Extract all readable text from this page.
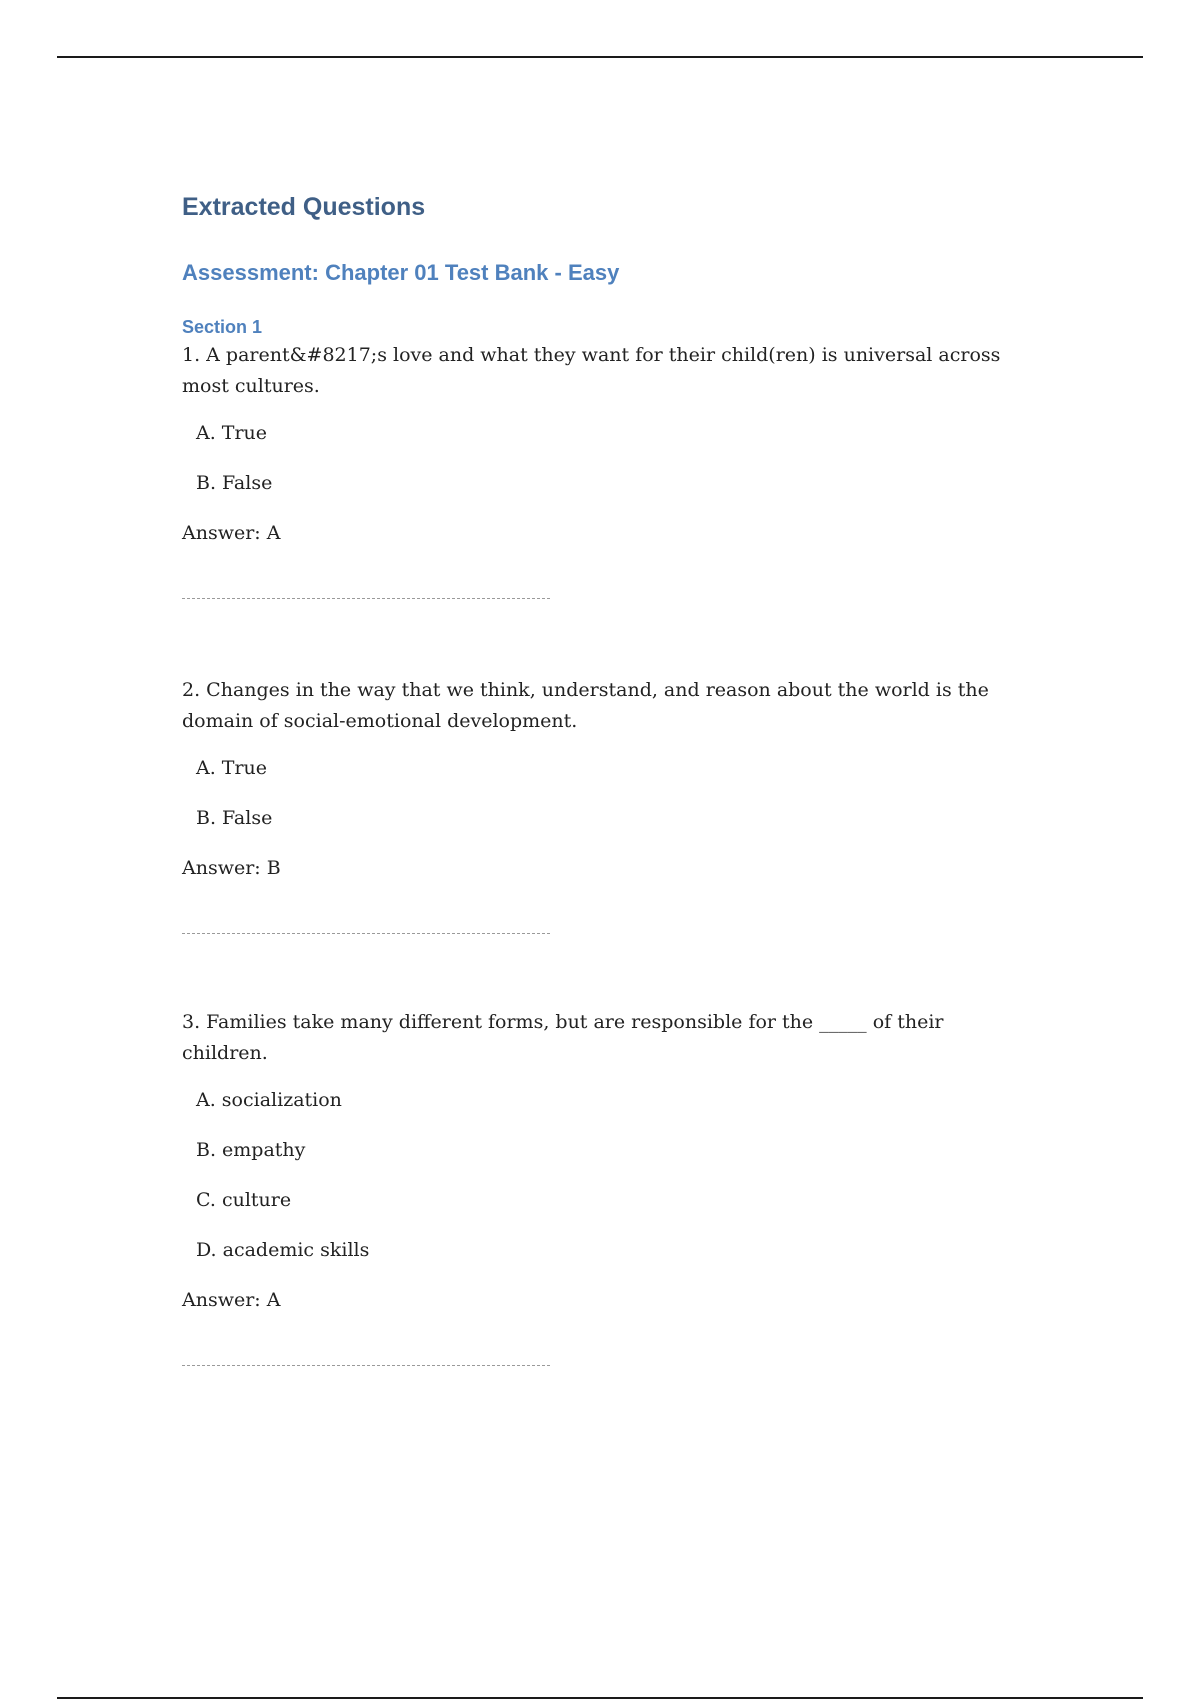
Extracted Questions
Assessment: Chapter 01 Test Bank - Easy
Section 1

1. A parent&#8217;s love and what they want for their child(ren) is universal across most cultures.

A. True
B. False
Answer: A

2. Changes in the way that we think, understand, and reason about the world is the domain of social-emotional development.

A. True
B. False
Answer: B

3. Families take many different forms, but are responsible for the _____ of their children.

A. socialization
B. empathy
C. culture
D. academic skills
Answer: A
